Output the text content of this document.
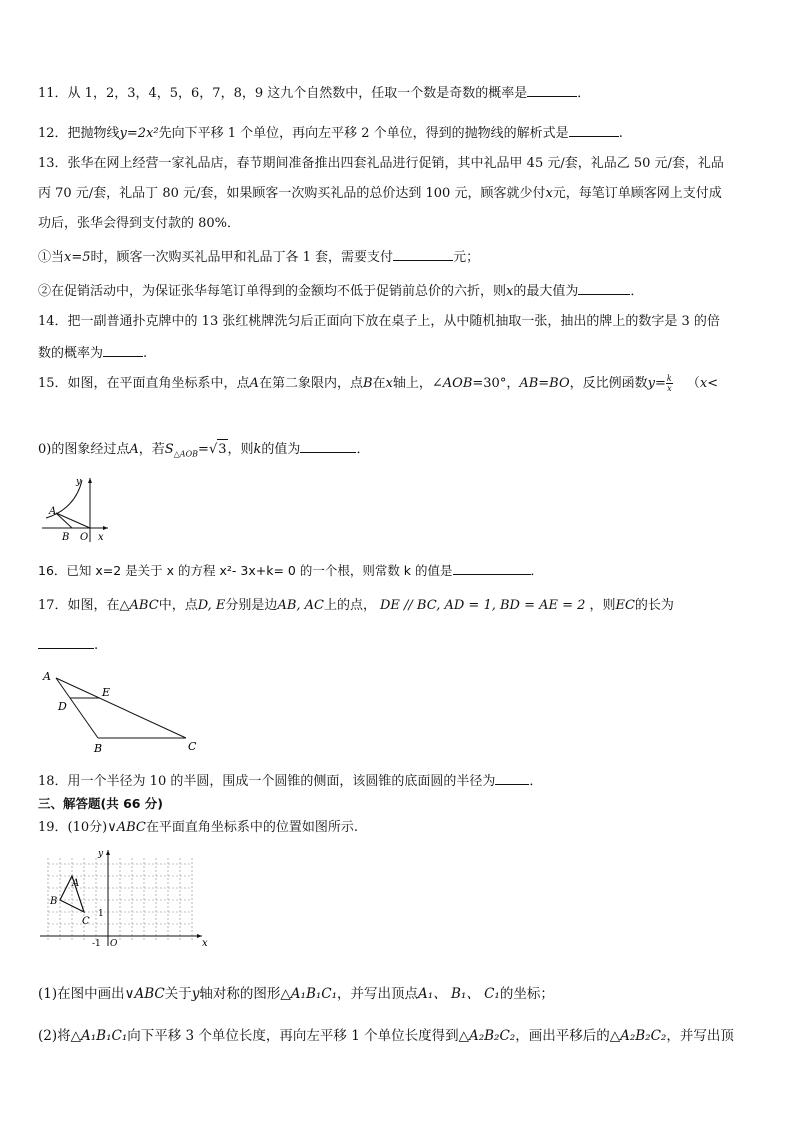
11．从 1，2，3，4，5，6，7，8，9 这九个自然数中，任取一个数是奇数的概率是	．
12．把抛物线y=2x²先向下平移 1 个单位，再向左平移 2 个单位，得到的抛物线的解析式是	.
13．张华在网上经营一家礼品店，春节期间准备推出四套礼品进行促销，其中礼品甲 45 元/套，礼品乙 50 元/套，礼品
丙 70 元/套，礼品丁 80 元/套，如果顾客一次购买礼品的总价达到 100 元，顾客就少付x元，每笔订单顾客网上支付成
功后，张华会得到支付款的 80%．
①当x=5时，顾客一次购买礼品甲和礼品丁各 1 套，需要支付	元；
②在促销活动中，为保证张华每笔订单得到的金额均不低于促销前总价的六折，则x的最大值为	．
14．把一副普通扑克牌中的 13 张红桃牌洗匀后正面向下放在桌子上，从中随机抽取一张，抽出的牌上的数字是 3 的倍
数的概率为	.
15．如图，在平面直角坐标系中，点A在第二象限内，点B在x轴上，∠AOB=30°，AB=BO，反比例函数$y= \frac{k}{x} (x<$
0)的图象经过点A，若$S_{\triangle AOB}=√3$，则k的值为	．
y
A
B O x
16．已知 x=2 是关于 x 的方程 x²- 3x+k= 0 的一个根，则常数 k 的值是	．
17．如图，在△ABC中，点D, E分别是边AB, AC上的点， DE // BC, AD = 1, BD = AE = 2 ，则EC的长为
.
A
E
D
B	C
18．用一个半径为 10 的半圆，围成一个圆锥的侧面，该圆锥的底面圆的半径为	．
三、解答题(共 66 分)
19．(10分)∨ABC在平面直角坐标系中的位置如图所示.
y
A
B
C
1
-1 O	x
(1)在图中画出∨ABC关于y轴对称的图形△A₁B₁C₁，并写出顶点A₁、 B₁、 C₁的坐标；
(2)将△A₁B₁C₁向下平移 3 个单位长度，再向左平移 1 个单位长度得到△A₂B₂C₂，画出平移后的△A₂B₂C₂，并写出顶
